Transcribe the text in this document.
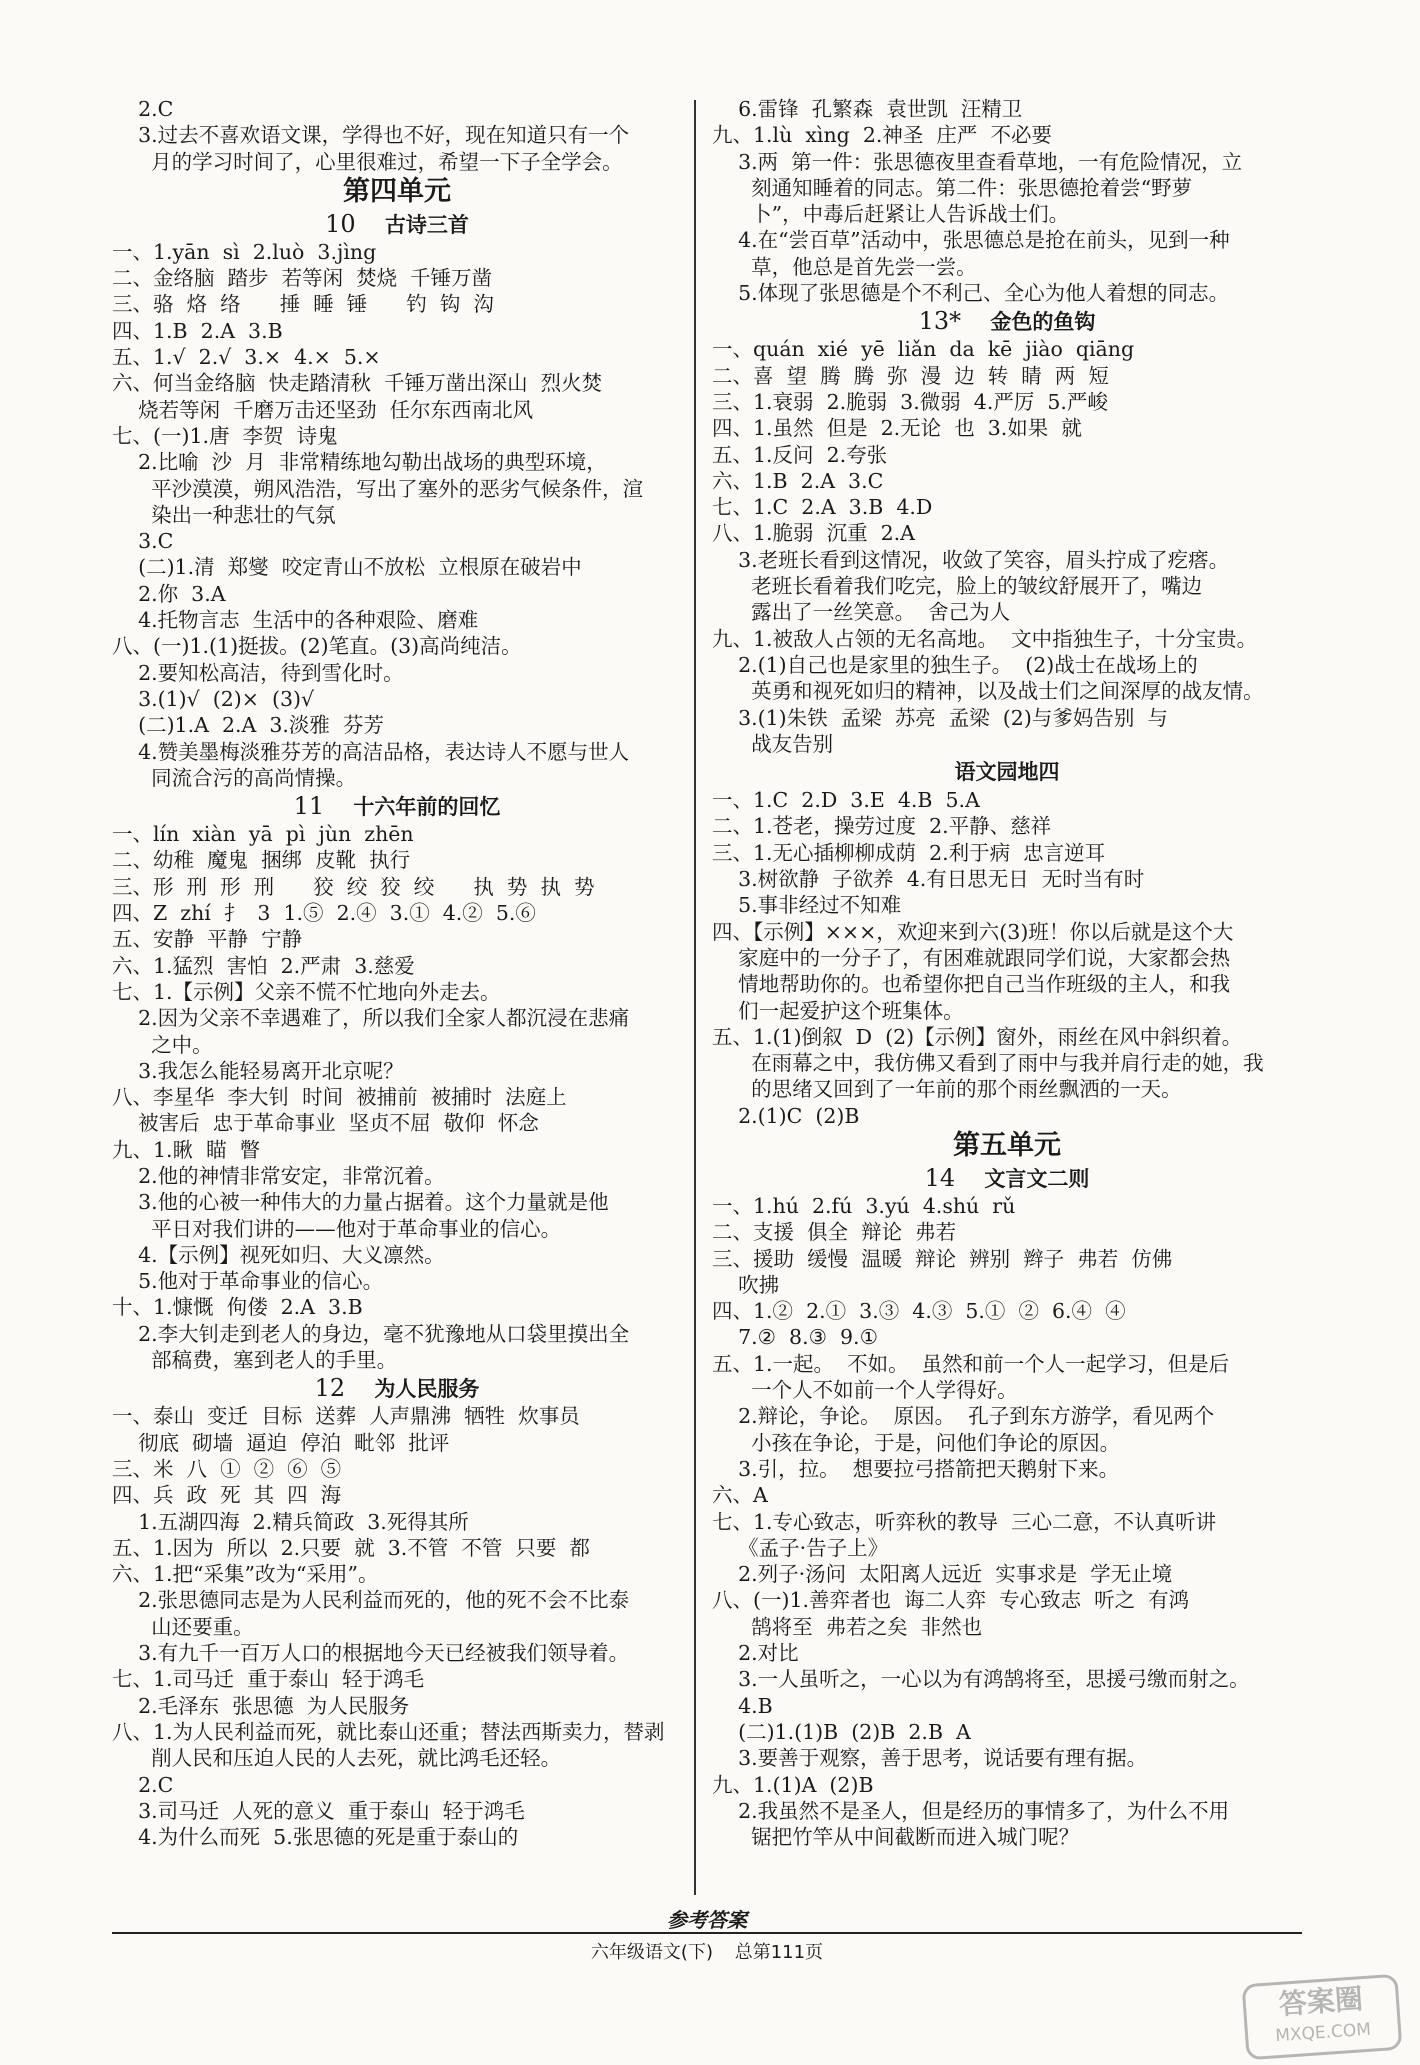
2.C
3.过去不喜欢语文课，学得也不好，现在知道只有一个
月的学习时间了，心里很难过，希望一下子全学会。
第四单元
10 古诗三首
一、1.yān  sì  2.luò  3.jìng
二、金络脑  踏步  若等闲  焚烧  千锤万凿
三、骆  烙  络      捶  睡  锤      钓  钩  沟
四、1.B  2.A  3.B
五、1.√  2.√  3.×  4.×  5.×
六、何当金络脑  快走踏清秋  千锤万凿出深山  烈火焚
烧若等闲  千磨万击还坚劲  任尔东西南北风
七、(一)1.唐  李贺  诗鬼
2.比喻  沙  月  非常精练地勾勒出战场的典型环境，
平沙漠漠，朔风浩浩，写出了塞外的恶劣气候条件，渲
染出一种悲壮的气氛
3.C
(二)1.清  郑燮  咬定青山不放松  立根原在破岩中
2.你  3.A
4.托物言志  生活中的各种艰险、磨难
八、(一)1.(1)挺拔。(2)笔直。(3)高尚纯洁。
2.要知松高洁，待到雪化时。
3.(1)√  (2)×  (3)√
(二)1.A  2.A  3.淡雅  芬芳
4.赞美墨梅淡雅芬芳的高洁品格，表达诗人不愿与世人
同流合污的高尚情操。
11 十六年前的回忆
一、lín  xiàn  yā  pì  jùn  zhēn
二、幼稚  魔鬼  捆绑  皮靴  执行
三、形  刑  形  刑      狡  绞  狡  绞      执  势  执  势
四、Z  zhí  扌  3  1.⑤  2.④  3.①  4.②  5.⑥
五、安静  平静  宁静
六、1.猛烈  害怕  2.严肃  3.慈爱
七、1.【示例】父亲不慌不忙地向外走去。
2.因为父亲不幸遇难了，所以我们全家人都沉浸在悲痛
之中。
3.我怎么能轻易离开北京呢？
八、李星华  李大钊  时间  被捕前  被捕时  法庭上
被害后  忠于革命事业  坚贞不屈  敬仰  怀念
九、1.瞅  瞄  瞥
2.他的神情非常安定，非常沉着。
3.他的心被一种伟大的力量占据着。这个力量就是他
平日对我们讲的——他对于革命事业的信心。
4.【示例】视死如归、大义凛然。
5.他对于革命事业的信心。
十、1.慷慨  佝偻  2.A  3.B
2.李大钊走到老人的身边，毫不犹豫地从口袋里摸出全
部稿费，塞到老人的手里。
12 为人民服务
一、泰山  变迁  目标  送葬  人声鼎沸  牺牲  炊事员
彻底  砌墙  逼迫  停泊  毗邻  批评
三、米  八  ①  ②  ⑥  ⑤
四、兵  政  死  其  四  海
1.五湖四海  2.精兵简政  3.死得其所
五、1.因为  所以  2.只要  就  3.不管  不管  只要  都
六、1.把“采集”改为“采用”。
2.张思德同志是为人民利益而死的，他的死不会不比泰
山还要重。
3.有九千一百万人口的根据地今天已经被我们领导着。
七、1.司马迁  重于泰山  轻于鸿毛
2.毛泽东  张思德  为人民服务
八、1.为人民利益而死，就比泰山还重；替法西斯卖力，替剥
削人民和压迫人民的人去死，就比鸿毛还轻。
2.C
3.司马迁  人死的意义  重于泰山  轻于鸿毛
4.为什么而死  5.张思德的死是重于泰山的
6.雷锋  孔繁森  袁世凯  汪精卫
九、1.lù  xìng  2.神圣  庄严  不必要
3.两  第一件：张思德夜里查看草地，一有危险情况，立
刻通知睡着的同志。第二件：张思德抢着尝“野萝
卜”，中毒后赶紧让人告诉战士们。
4.在“尝百草”活动中，张思德总是抢在前头，见到一种
草，他总是首先尝一尝。
5.体现了张思德是个不利己、全心为他人着想的同志。
13* 金色的鱼钩
一、quán  xié  yē  liǎn  da  kē  jiào  qiāng
二、喜  望  腾  腾  弥  漫  边  转  睛  两  短
三、1.衰弱  2.脆弱  3.微弱  4.严厉  5.严峻
四、1.虽然  但是  2.无论  也  3.如果  就
五、1.反问  2.夸张
六、1.B  2.A  3.C
七、1.C  2.A  3.B  4.D
八、1.脆弱  沉重  2.A
3.老班长看到这情况，收敛了笑容，眉头拧成了疙瘩。
老班长看着我们吃完，脸上的皱纹舒展开了，嘴边
露出了一丝笑意。  舍己为人
九、1.被敌人占领的无名高地。  文中指独生子，十分宝贵。
2.(1)自己也是家里的独生子。  (2)战士在战场上的
英勇和视死如归的精神，以及战士们之间深厚的战友情。
3.(1)朱铁  孟梁  苏亮  孟梁  (2)与爹妈告别  与
战友告别
语文园地四
一、1.C  2.D  3.E  4.B  5.A
二、1.苍老，操劳过度  2.平静、慈祥
三、1.无心插柳柳成荫  2.利于病  忠言逆耳
3.树欲静  子欲养  4.有日思无日  无时当有时
5.事非经过不知难
四、【示例】×××，欢迎来到六(3)班！你以后就是这个大
家庭中的一分子了，有困难就跟同学们说，大家都会热
情地帮助你的。也希望你把自己当作班级的主人，和我
们一起爱护这个班集体。
五、1.(1)倒叙  D  (2)【示例】窗外，雨丝在风中斜织着。
在雨幕之中，我仿佛又看到了雨中与我并肩行走的她，我
的思绪又回到了一年前的那个雨丝飘洒的一天。
2.(1)C  (2)B
第五单元
14 文言文二则
一、1.hú  2.fú  3.yú  4.shú  rǔ
二、支援  俱全  辩论  弗若
三、援助  缓慢  温暖  辩论  辨别  辫子  弗若  仿佛
吹拂
四、1.②  2.①  3.③  4.③  5.①  ②  6.④  ④
7.②  8.③  9.①
五、1.一起。  不如。  虽然和前一个人一起学习，但是后
一个人不如前一个人学得好。
2.辩论，争论。  原因。  孔子到东方游学，看见两个
小孩在争论，于是，问他们争论的原因。
3.引，拉。  想要拉弓搭箭把天鹅射下来。
六、A
七、1.专心致志，听弈秋的教导  三心二意，不认真听讲
《孟子·告子上》
2.列子·汤问  太阳离人远近  实事求是  学无止境
八、(一)1.善弈者也  诲二人弈  专心致志  听之  有鸿
鹄将至  弗若之矣  非然也
2.对比
3.一人虽听之，一心以为有鸿鹄将至，思援弓缴而射之。
4.B
(二)1.(1)B  (2)B  2.B  A
3.要善于观察，善于思考，说话要有理有据。
九、1.(1)A  (2)B
2.我虽然不是圣人，但是经历的事情多了，为什么不用
锯把竹竿从中间截断而进入城门呢？
参考答案
六年级语文(下) 总第111页
答案圈
MXQE.COM
